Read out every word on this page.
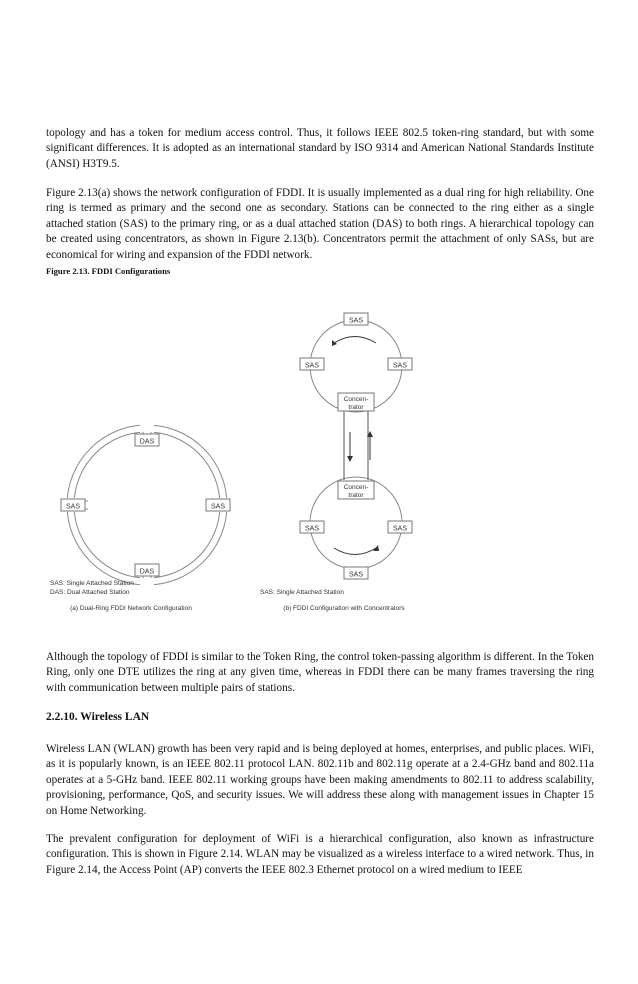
topology and has a token for medium access control. Thus, it follows IEEE 802.5 token-ring standard, but with some significant differences. It is adopted as an international standard by ISO 9314 and American National Standards Institute (ANSI) H3T9.5.
Figure 2.13(a) shows the network configuration of FDDI. It is usually implemented as a dual ring for high reliability. One ring is termed as primary and the second one as secondary. Stations can be connected to the ring either as a single attached station (SAS) to the primary ring, or as a dual attached station (DAS) to both rings. A hierarchical topology can be created using concentrators, as shown in Figure 2.13(b). Concentrators permit the attachment of only SASs, but are economical for wiring and expansion of the FDDI network.
Figure 2.13. FDDI Configurations
DAS
SAS	SAS
DAS
SAS: Single Attached Station
DAS: Dual Attached Station
(a) Dual-Ring FDDI Network Configuration
Concen-
trator
Concen-
trator
SAS
SAS	SAS
SAS	SAS
SAS
SAS: Single Attached Station
(b) FDDI Configuration with Concentrators
Although the topology of FDDI is similar to the Token Ring, the control token-passing algorithm is different. In the Token Ring, only one DTE utilizes the ring at any given time, whereas in FDDI there can be many frames traversing the ring with communication between multiple pairs of stations.
2.2.10. Wireless LAN
Wireless LAN (WLAN) growth has been very rapid and is being deployed at homes, enterprises, and public places. WiFi, as it is popularly known, is an IEEE 802.11 protocol LAN. 802.11b and 802.11g operate at a 2.4-GHz band and 802.11a operates at a 5-GHz band. IEEE 802.11 working groups have been making amendments to 802.11 to address scalability, provisioning, performance, QoS, and security issues. We will address these along with management issues in Chapter 15 on Home Networking.
The prevalent configuration for deployment of WiFi is a hierarchical configuration, also known as infrastructure configuration. This is shown in Figure 2.14. WLAN may be visualized as a wireless interface to a wired network. Thus, in Figure 2.14, the Access Point (AP) converts the IEEE 802.3 Ethernet protocol on a wired medium to IEEE
